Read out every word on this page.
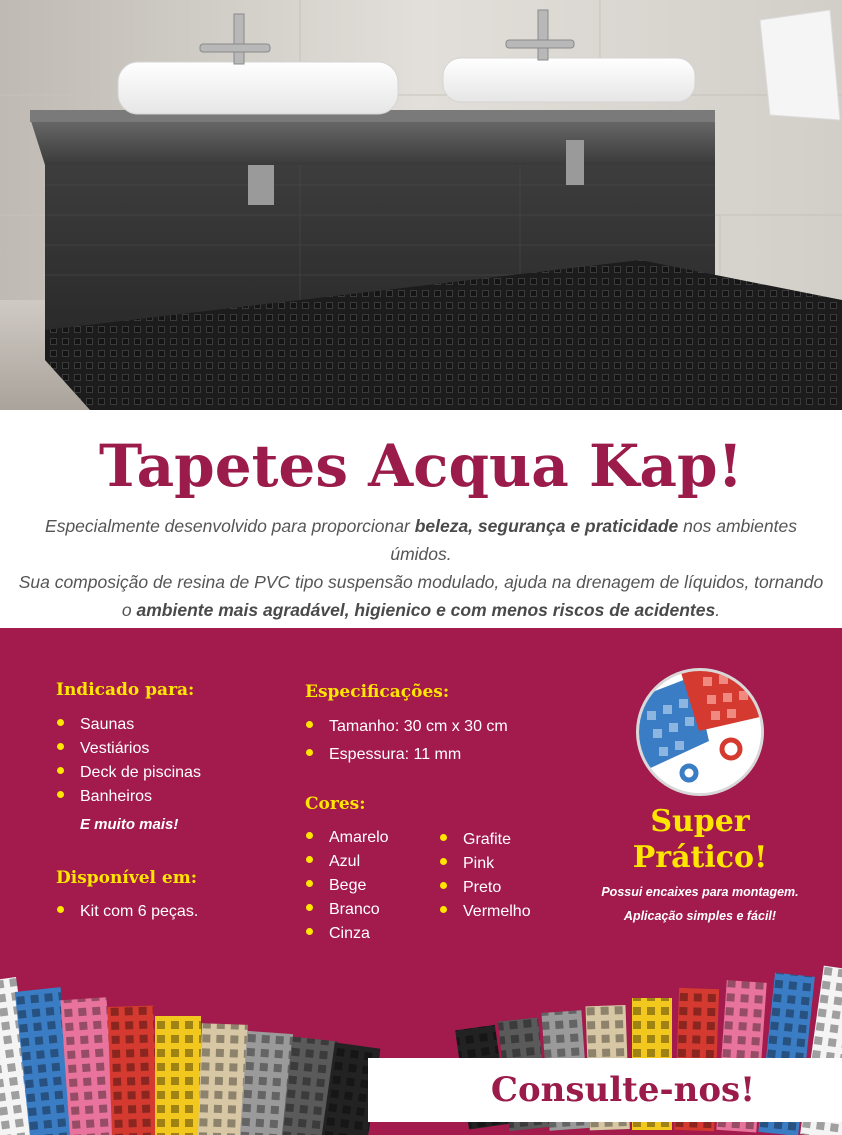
Tapetes Acqua Kap!
Especialmente desenvolvido para proporcionar beleza, segurança e praticidade nos ambientes úmidos.
Sua composição de resina de PVC tipo suspensão modulado, ajuda na drenagem de líquidos, tornando
o ambiente mais agradável, higienico e com menos riscos de acidentes.
Indicado para:
Saunas
Vestiários
Deck de piscinas
Banheiros
E muito mais!
Disponível em:
Kit com 6 peças.
Especificações:
Tamanho: 30 cm x 30 cm
Espessura: 11 mm
Cores:
Amarelo
Azul
Bege
Branco
Cinza
Grafite
Pink
Preto
Vermelho
Super
Prático!
Possui encaixes para montagem.
Aplicação simples e fácil!
Consulte-nos!
